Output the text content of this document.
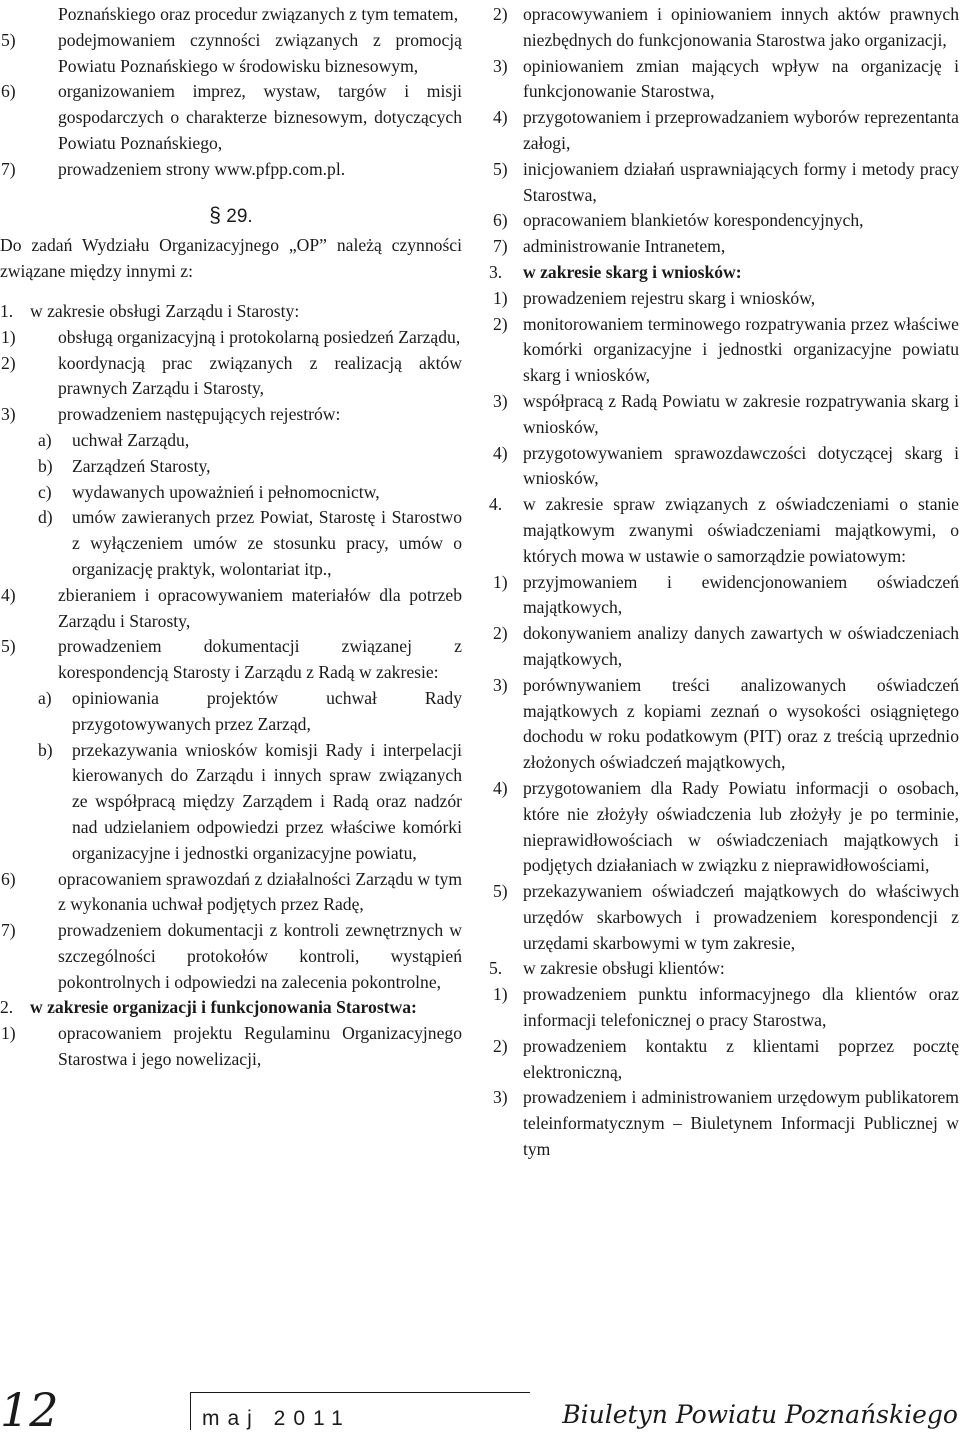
Poznańskiego oraz procedur związanych z tym tematem,
5) podejmowaniem czynności związanych z promocją Powiatu Poznańskiego w środowisku biznesowym,
6) organizowaniem imprez, wystaw, targów i misji gospodarczych o charakterze biznesowym, dotyczących Powiatu Poznańskiego,
7) prowadzeniem strony www.pfpp.com.pl.
§ 29.
Do zadań Wydziału Organizacyjnego „OP” należą czynności związane między innymi z:
1. w zakresie obsługi Zarządu i Starosty:
1) obsługą organizacyjną i protokolarną posiedzeń Zarządu,
2) koordynacją prac związanych z realizacją aktów prawnych Zarządu i Starosty,
3) prowadzeniem następujących rejestrów:
a) uchwał Zarządu,
b) Zarządzeń Starosty,
c) wydawanych upoważnień i pełnomocnictw,
d) umów zawieranych przez Powiat, Starostę i Starostwo z wyłączeniem umów ze stosunku pracy, umów o organizację praktyk, wolontariat itp.,
4) zbieraniem i opracowywaniem materiałów dla potrzeb Zarządu i Starosty,
5) prowadzeniem dokumentacji związanej z korespondencją Starosty i Zarządu z Radą w zakresie:
a) opiniowania projektów uchwał Rady przygotowywanych przez Zarząd,
b) przekazywania wniosków komisji Rady i interpelacji kierowanych do Zarządu i innych spraw związanych ze współpracą między Zarządem i Radą oraz nadzór nad udzielaniem odpowiedzi przez właściwe komórki organizacyjne i jednostki organizacyjne powiatu,
6) opracowaniem sprawozdań z działalności Zarządu w tym z wykonania uchwał podjętych przez Radę,
7) prowadzeniem dokumentacji z kontroli zewnętrznych w szczególności protokołów kontroli, wystąpień pokontrolnych i odpowiedzi na zalecenia pokontrolne,
2. w zakresie organizacji i funkcjonowania Starostwa:
1) opracowaniem projektu Regulaminu Organizacyjnego Starostwa i jego nowelizacji,
2) opracowywaniem i opiniowaniem innych aktów prawnych niezbędnych do funkcjonowania Starostwa jako organizacji,
3) opiniowaniem zmian mających wpływ na organizację i funkcjonowanie Starostwa,
4) przygotowaniem i przeprowadzaniem wyborów reprezentanta załogi,
5) inicjowaniem działań usprawniających formy i metody pracy Starostwa,
6) opracowaniem blankietów korespondencyjnych,
7) administrowanie Intranetem,
3. w zakresie skarg i wniosków:
1) prowadzeniem rejestru skarg i wniosków,
2) monitorowaniem terminowego rozpatrywania przez właściwe komórki organizacyjne i jednostki organizacyjne powiatu skarg i wniosków,
3) współpracą z Radą Powiatu w zakresie rozpatrywania skarg i wniosków,
4) przygotowywaniem sprawozdawczości dotyczącej skarg i wniosków,
4. w zakresie spraw związanych z oświadczeniami o stanie majątkowym zwanymi oświadczeniami majątkowymi, o których mowa w ustawie o samorządzie powiatowym:
1) przyjmowaniem i ewidencjonowaniem oświadczeń majątkowych,
2) dokonywaniem analizy danych zawartych w oświadczeniach majątkowych,
3) porównywaniem treści analizowanych oświadczeń majątkowych z kopiami zeznań o wysokości osiągniętego dochodu w roku podatkowym (PIT) oraz z treścią uprzednio złożonych oświadczeń majątkowych,
4) przygotowaniem dla Rady Powiatu informacji o osobach, które nie złożyły oświadczenia lub złożyły je po terminie, nieprawidłowościach w oświadczeniach majątkowych i podjętych działaniach w związku z nieprawidłowościami,
5) przekazywaniem oświadczeń majątkowych do właściwych urzędów skarbowych i prowadzeniem korespondencji z urzędami skarbowymi w tym zakresie,
5. w zakresie obsługi klientów:
1) prowadzeniem punktu informacyjnego dla klientów oraz informacji telefonicznej o pracy Starostwa,
2) prowadzeniem kontaktu z klientami poprzez pocztę elektroniczną,
3) prowadzeniem i administrowaniem urzędowym publikatorem teleinformatycznym – Biuletynem Informacji Publicznej w tym
12	maj 2011	Biuletyn Powiatu Poznańskiego
